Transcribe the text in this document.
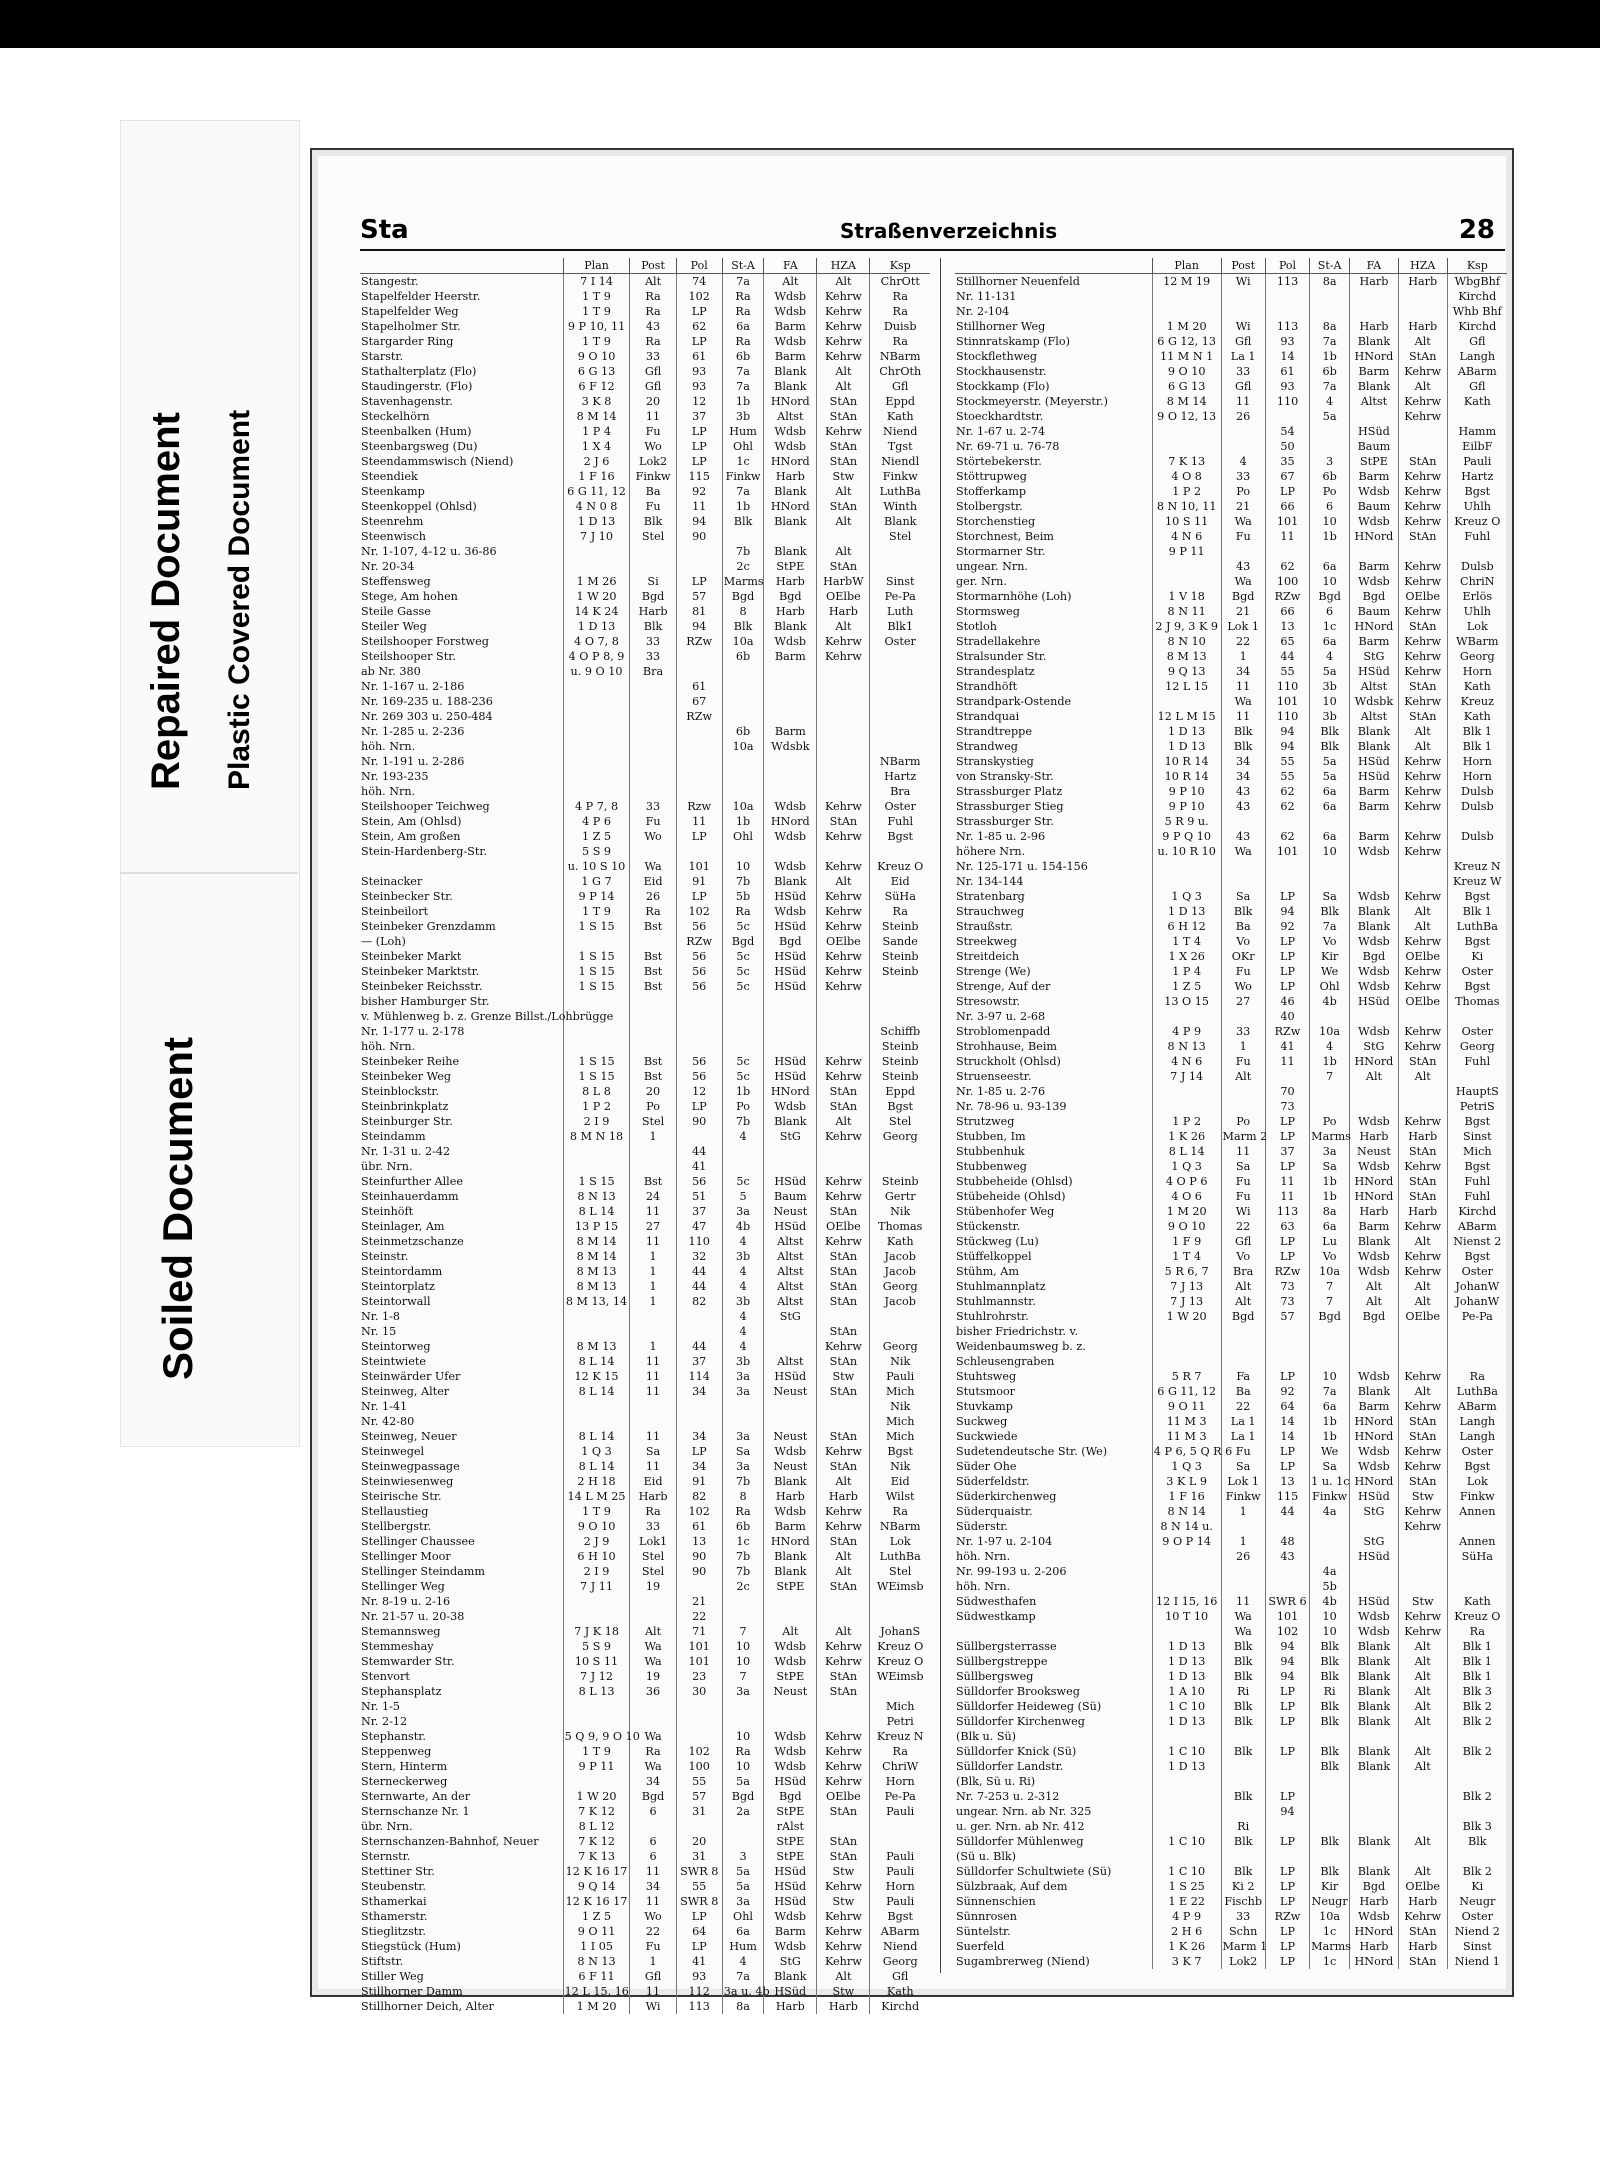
Repaired Document Plastic Covered Document
Soiled Document
Sta	Straßenverzeichnis	28
	Plan	Post	Pol	St-A	FA	HZA	Ksp
Stangestr.	7 I 14	Alt	74	7a	Alt	Alt	ChrOtt
Stapelfelder Heerstr.	1 T 9	Ra	102	Ra	Wdsb	Kehrw	Ra
Stapelfelder Weg	1 T 9	Ra	LP	Ra	Wdsb	Kehrw	Ra
Stapelholmer Str.	9 P 10, 11	43	62	6a	Barm	Kehrw	Duisb
Stargarder Ring	1 T 9	Ra	LP	Ra	Wdsb	Kehrw	Ra
Starstr.	9 O 10	33	61	6b	Barm	Kehrw	NBarm
Stathalterplatz (Flo)	6 G 13	Gfl	93	7a	Blank	Alt	ChrOth
Staudingerstr. (Flo)	6 F 12	Gfl	93	7a	Blank	Alt	Gfl
Stavenhagenstr.	3 K 8	20	12	1b	HNord	StAn	Eppd
Steckelhörn	8 M 14	11	37	3b	Altst	StAn	Kath
Steenbalken (Hum)	1 P 4	Fu	LP	Hum	Wdsb	Kehrw	Niend
Steenbargsweg (Du)	1 X 4	Wo	LP	Ohl	Wdsb	StAn	Tgst
Steendammswisch (Niend)	2 J 6	Lok2	LP	1c	HNord	StAn	Niendl
Steendiek	1 F 16	Finkw	115	Finkw	Harb	Stw	Finkw
Steenkamp	6 G 11, 12	Ba	92	7a	Blank	Alt	LuthBa
Steenkoppel (Ohlsd)	4 N 0 8	Fu	11	1b	HNord	StAn	Winth
Steenrehm	1 D 13	Blk	94	Blk	Blank	Alt	Blank
Steenwisch	7 J 10	Stel	90				Stel
Nr. 1-107, 4-12 u. 36-86				7b	Blank	Alt	
Nr. 20-34				2c	StPE	StAn	
Steffensweg	1 M 26	Si	LP	Marms	Harb	HarbW	Sinst
Stege, Am hohen	1 W 20	Bgd	57	Bgd	Bgd	OElbe	Pe-Pa
Steile Gasse	14 K 24	Harb	81	8	Harb	Harb	Luth
Steiler Weg	1 D 13	Blk	94	Blk	Blank	Alt	Blk1
Steilshooper Forstweg	4 O 7, 8	33	RZw	10a	Wdsb	Kehrw	Oster
Steilshooper Str.	4 O P 8, 9	33		6b	Barm	Kehrw	
ab Nr. 380	u. 9 O 10	Bra					
Nr. 1-167 u. 2-186			61				
Nr. 169-235 u. 188-236			67				
Nr. 269 303 u. 250-484			RZw				
Nr. 1-285 u. 2-236				6b	Barm		
höh. Nrn.				10a	Wdsbk		
Nr. 1-191 u. 2-286							NBarm
Nr. 193-235							Hartz
höh. Nrn.							Bra
Steilshooper Teichweg	4 P 7, 8	33	Rzw	10a	Wdsb	Kehrw	Oster
Stein, Am (Ohlsd)	4 P 6	Fu	11	1b	HNord	StAn	Fuhl
Stein, Am großen	1 Z 5	Wo	LP	Ohl	Wdsb	Kehrw	Bgst
Stein-Hardenberg-Str.	5 S 9						
	u. 10 S 10	Wa	101	10	Wdsb	Kehrw	Kreuz O
Steinacker	1 G 7	Eid	91	7b	Blank	Alt	Eid
Steinbecker Str.	9 P 14	26	LP	5b	HSüd	Kehrw	SüHa
Steinbeilort	1 T 9	Ra	102	Ra	Wdsb	Kehrw	Ra
Steinbeker Grenzdamm	1 S 15	Bst	56	5c	HSüd	Kehrw	Steinb
— (Loh)			RZw	Bgd	Bgd	OElbe	Sande
Steinbeker Markt	1 S 15	Bst	56	5c	HSüd	Kehrw	Steinb
Steinbeker Marktstr.	1 S 15	Bst	56	5c	HSüd	Kehrw	Steinb
Steinbeker Reichsstr.	1 S 15	Bst	56	5c	HSüd	Kehrw	
bisher Hamburger Str.							
v. Mühlenweg b. z. Grenze Billst./Lohbrügge							
Nr. 1-177 u. 2-178							Schiffb
höh. Nrn.							Steinb
Steinbeker Reihe	1 S 15	Bst	56	5c	HSüd	Kehrw	Steinb
Steinbeker Weg	1 S 15	Bst	56	5c	HSüd	Kehrw	Steinb
Steinblockstr.	8 L 8	20	12	1b	HNord	StAn	Eppd
Steinbrinkplatz	1 P 2	Po	LP	Po	Wdsb	StAn	Bgst
Steinburger Str.	2 I 9	Stel	90	7b	Blank	Alt	Stel
Steindamm	8 M N 18	1		4	StG	Kehrw	Georg
Nr. 1-31 u. 2-42			44				
übr. Nrn.			41				
Steinfurther Allee	1 S 15	Bst	56	5c	HSüd	Kehrw	Steinb
Steinhauerdamm	8 N 13	24	51	5	Baum	Kehrw	Gertr
Steinhöft	8 L 14	11	37	3a	Neust	StAn	Nik
Steinlager, Am	13 P 15	27	47	4b	HSüd	OElbe	Thomas
Steinmetzschanze	8 M 14	11	110	4	Altst	Kehrw	Kath
Steinstr.	8 M 14	1	32	3b	Altst	StAn	Jacob
Steintordamm	8 M 13	1	44	4	Altst	StAn	Jacob
Steintorplatz	8 M 13	1	44	4	Altst	StAn	Georg
Steintorwall	8 M 13, 14	1	82	3b	Altst	StAn	Jacob
Nr. 1-8				4	StG		
Nr. 15				4		StAn	
Steintorweg	8 M 13	1	44	4		Kehrw	Georg
Steintwiete	8 L 14	11	37	3b	Altst	StAn	Nik
Steinwärder Ufer	12 K 15	11	114	3a	HSüd	Stw	Pauli
Steinweg, Alter	8 L 14	11	34	3a	Neust	StAn	Mich
Nr. 1-41							Nik
Nr. 42-80							Mich
Steinweg, Neuer	8 L 14	11	34	3a	Neust	StAn	Mich
Steinwegel	1 Q 3	Sa	LP	Sa	Wdsb	Kehrw	Bgst
Steinwegpassage	8 L 14	11	34	3a	Neust	StAn	Nik
Steinwiesenweg	2 H 18	Eid	91	7b	Blank	Alt	Eid
Steirische Str.	14 L M 25	Harb	82	8	Harb	Harb	Wilst
Stellaustieg	1 T 9	Ra	102	Ra	Wdsb	Kehrw	Ra
Stellbergstr.	9 O 10	33	61	6b	Barm	Kehrw	NBarm
Stellinger Chaussee	2 J 9	Lok1	13	1c	HNord	StAn	Lok
Stellinger Moor	6 H 10	Stel	90	7b	Blank	Alt	LuthBa
Stellinger Steindamm	2 I 9	Stel	90	7b	Blank	Alt	Stel
Stellinger Weg	7 J 11	19		2c	StPE	StAn	WEimsb
Nr. 8-19 u. 2-16			21				
Nr. 21-57 u. 20-38			22				
Stemannsweg	7 J K 18	Alt	71	7	Alt	Alt	JohanS
Stemmeshay	5 S 9	Wa	101	10	Wdsb	Kehrw	Kreuz O
Stemwarder Str.	10 S 11	Wa	101	10	Wdsb	Kehrw	Kreuz O
Stenvort	7 J 12	19	23	7	StPE	StAn	WEimsb
Stephansplatz	8 L 13	36	30	3a	Neust	StAn	
Nr. 1-5							Mich
Nr. 2-12							Petri
Stephanstr.	5 Q 9, 9 O 10	Wa		10	Wdsb	Kehrw	Kreuz N
Steppenweg	1 T 9	Ra	102	Ra	Wdsb	Kehrw	Ra
Stern, Hinterm	9 P 11	Wa	100	10	Wdsb	Kehrw	ChriW
Sterneckerweg		34	55	5a	HSüd	Kehrw	Horn
Sternwarte, An der	1 W 20	Bgd	57	Bgd	Bgd	OElbe	Pe-Pa
Sternschanze Nr. 1	7 K 12	6	31	2a	StPE	StAn	Pauli
übr. Nrn.	8 L 12				rAlst		
Sternschanzen-Bahnhof, Neuer	7 K 12	6	20		StPE	StAn	
Sternstr.	7 K 13	6	31	3	StPE	StAn	Pauli
Stettiner Str.	12 K 16 17	11	SWR 8	5a	HSüd	Stw	Pauli
Steubenstr.	9 Q 14	34	55	5a	HSüd	Kehrw	Horn
Sthamerkai	12 K 16 17	11	SWR 8	3a	HSüd	Stw	Pauli
Sthamerstr.	1 Z 5	Wo	LP	Ohl	Wdsb	Kehrw	Bgst
Stieglitzstr.	9 O 11	22	64	6a	Barm	Kehrw	ABarm
Stiegstück (Hum)	1 I 05	Fu	LP	Hum	Wdsb	Kehrw	Niend
Stiftstr.	8 N 13	1	41	4	StG	Kehrw	Georg
Stiller Weg	6 F 11	Gfl	93	7a	Blank	Alt	Gfl
Stillhorner Damm	12 L 15, 16	11	112	3a u. 4b	HSüd	Stw	Kath
Stillhorner Deich, Alter	1 M 20	Wi	113	8a	Harb	Harb	Kirchd
	Plan	Post	Pol	St-A	FA	HZA	Ksp
Stillhorner Neuenfeld	12 M 19	Wi	113	8a	Harb	Harb	WbgBhf
Nr. 11-131							Kirchd
Nr. 2-104							Whb Bhf
Stillhorner Weg	1 M 20	Wi	113	8a	Harb	Harb	Kirchd
Stinnratskamp (Flo)	6 G 12, 13	Gfl	93	7a	Blank	Alt	Gfl
Stockflethweg	11 M N 1	La 1	14	1b	HNord	StAn	Langh
Stockhausenstr.	9 O 10	33	61	6b	Barm	Kehrw	ABarm
Stockkamp (Flo)	6 G 13	Gfl	93	7a	Blank	Alt	Gfl
Stockmeyerstr. (Meyerstr.)	8 M 14	11	110	4	Altst	Kehrw	Kath
Stoeckhardtstr.	9 O 12, 13	26		5a		Kehrw	
Nr. 1-67 u. 2-74			54		HSüd		Hamm
Nr. 69-71 u. 76-78			50		Baum		EilbF
Störtebekerstr.	7 K 13	4	35	3	StPE	StAn	Pauli
Stöttrupweg	4 O 8	33	67	6b	Barm	Kehrw	Hartz
Stofferkamp	1 P 2	Po	LP	Po	Wdsb	Kehrw	Bgst
Stolbergstr.	8 N 10, 11	21	66	6	Baum	Kehrw	Uhlh
Storchenstieg	10 S 11	Wa	101	10	Wdsb	Kehrw	Kreuz O
Storchnest, Beim	4 N 6	Fu	11	1b	HNord	StAn	Fuhl
Stormarner Str.	9 P 11						
ungear. Nrn.		43	62	6a	Barm	Kehrw	Dulsb
ger. Nrn.		Wa	100	10	Wdsb	Kehrw	ChriN
Stormarnhöhe (Loh)	1 V 18	Bgd	RZw	Bgd	Bgd	OElbe	Erlös
Stormsweg	8 N 11	21	66	6	Baum	Kehrw	Uhlh
Stotloh	2 J 9, 3 K 9	Lok 1	13	1c	HNord	StAn	Lok
Stradellakehre	8 N 10	22	65	6a	Barm	Kehrw	WBarm
Stralsunder Str.	8 M 13	1	44	4	StG	Kehrw	Georg
Strandesplatz	9 Q 13	34	55	5a	HSüd	Kehrw	Horn
Strandhöft	12 L 15	11	110	3b	Altst	StAn	Kath
Strandpark-Ostende		Wa	101	10	Wdsbk	Kehrw	Kreuz
Strandquai	12 L M 15	11	110	3b	Altst	StAn	Kath
Strandtreppe	1 D 13	Blk	94	Blk	Blank	Alt	Blk 1
Strandweg	1 D 13	Blk	94	Blk	Blank	Alt	Blk 1
Stranskystieg	10 R 14	34	55	5a	HSüd	Kehrw	Horn
von Stransky-Str.	10 R 14	34	55	5a	HSüd	Kehrw	Horn
Strassburger Platz	9 P 10	43	62	6a	Barm	Kehrw	Dulsb
Strassburger Stieg	9 P 10	43	62	6a	Barm	Kehrw	Dulsb
Strassburger Str.	5 R 9 u.						
Nr. 1-85 u. 2-96	9 P Q 10	43	62	6a	Barm	Kehrw	Dulsb
höhere Nrn.	u. 10 R 10	Wa	101	10	Wdsb	Kehrw	
Nr. 125-171 u. 154-156							Kreuz N
Nr. 134-144							Kreuz W
Stratenbarg	1 Q 3	Sa	LP	Sa	Wdsb	Kehrw	Bgst
Strauchweg	1 D 13	Blk	94	Blk	Blank	Alt	Blk 1
Straußstr.	6 H 12	Ba	92	7a	Blank	Alt	LuthBa
Streekweg	1 T 4	Vo	LP	Vo	Wdsb	Kehrw	Bgst
Streitdeich	1 X 26	OKr	LP	Kir	Bgd	OElbe	Ki
Strenge (We)	1 P 4	Fu	LP	We	Wdsb	Kehrw	Oster
Strenge, Auf der	1 Z 5	Wo	LP	Ohl	Wdsb	Kehrw	Bgst
Stresowstr.	13 O 15	27	46	4b	HSüd	OElbe	Thomas
Nr. 3-97 u. 2-68			40				
Stroblomenpadd	4 P 9	33	RZw	10a	Wdsb	Kehrw	Oster
Strohhause, Beim	8 N 13	1	41	4	StG	Kehrw	Georg
Struckholt (Ohlsd)	4 N 6	Fu	11	1b	HNord	StAn	Fuhl
Struenseestr.	7 J 14	Alt		7	Alt	Alt	
Nr. 1-85 u. 2-76			70				HauptS
Nr. 78-96 u. 93-139			73				PetriS
Strutzweg	1 P 2	Po	LP	Po	Wdsb	Kehrw	Bgst
Stubben, Im	1 K 26	Marm 2	LP	Marms	Harb	Harb	Sinst
Stubbenhuk	8 L 14	11	37	3a	Neust	StAn	Mich
Stubbenweg	1 Q 3	Sa	LP	Sa	Wdsb	Kehrw	Bgst
Stubbeheide (Ohlsd)	4 O P 6	Fu	11	1b	HNord	StAn	Fuhl
Stübeheide (Ohlsd)	4 O 6	Fu	11	1b	HNord	StAn	Fuhl
Stübenhofer Weg	1 M 20	Wi	113	8a	Harb	Harb	Kirchd
Stückenstr.	9 O 10	22	63	6a	Barm	Kehrw	ABarm
Stückweg (Lu)	1 F 9	Gfl	LP	Lu	Blank	Alt	Nienst 2
Stüffelkoppel	1 T 4	Vo	LP	Vo	Wdsb	Kehrw	Bgst
Stühm, Am	5 R 6, 7	Bra	RZw	10a	Wdsb	Kehrw	Oster
Stuhlmannplatz	7 J 13	Alt	73	7	Alt	Alt	JohanW
Stuhlmannstr.	7 J 13	Alt	73	7	Alt	Alt	JohanW
Stuhlrohrstr.	1 W 20	Bgd	57	Bgd	Bgd	OElbe	Pe-Pa
bisher Friedrichstr. v.							
Weidenbaumsweg b. z.							
Schleusengraben							
Stuhtsweg	5 R 7	Fa	LP	10	Wdsb	Kehrw	Ra
Stutsmoor	6 G 11, 12	Ba	92	7a	Blank	Alt	LuthBa
Stuvkamp	9 O 11	22	64	6a	Barm	Kehrw	ABarm
Suckweg	11 M 3	La 1	14	1b	HNord	StAn	Langh
Suckwiede	11 M 3	La 1	14	1b	HNord	StAn	Langh
Sudetendeutsche Str. (We)	4 P 6, 5 Q R 6	Fu	LP	We	Wdsb	Kehrw	Oster
Süder Ohe	1 Q 3	Sa	LP	Sa	Wdsb	Kehrw	Bgst
Süderfeldstr.	3 K L 9	Lok 1	13	1 u. 1c	HNord	StAn	Lok
Süderkirchenweg	1 F 16	Finkw	115	Finkw	HSüd	Stw	Finkw
Süderquaistr.	8 N 14	1	44	4a	StG	Kehrw	Annen
Süderstr.	8 N 14 u.					Kehrw	
Nr. 1-97 u. 2-104	9 O P 14	1	48		StG		Annen
höh. Nrn.		26	43		HSüd		SüHa
Nr. 99-193 u. 2-206				4a			
höh. Nrn.				5b			
Südwesthafen	12 I 15, 16	11	SWR 6	4b	HSüd	Stw	Kath
Südwestkamp	10 T 10	Wa	101	10	Wdsb	Kehrw	Kreuz O
		Wa	102	10	Wdsb	Kehrw	Ra
Süllbergsterrasse	1 D 13	Blk	94	Blk	Blank	Alt	Blk 1
Süllbergstreppe	1 D 13	Blk	94	Blk	Blank	Alt	Blk 1
Süllbergsweg	1 D 13	Blk	94	Blk	Blank	Alt	Blk 1
Sülldorfer Brooksweg	1 A 10	Ri	LP	Ri	Blank	Alt	Blk 3
Sülldorfer Heideweg (Sü)	1 C 10	Blk	LP	Blk	Blank	Alt	Blk 2
Sülldorfer Kirchenweg	1 D 13	Blk	LP	Blk	Blank	Alt	Blk 2
(Blk u. Sü)							
Sülldorfer Knick (Sü)	1 C 10	Blk	LP	Blk	Blank	Alt	Blk 2
Sülldorfer Landstr.	1 D 13			Blk	Blank	Alt	
(Blk, Sü u. Ri)							
Nr. 7-253 u. 2-312		Blk	LP				Blk 2
ungear. Nrn. ab Nr. 325			94				
u. ger. Nrn. ab Nr. 412		Ri					Blk 3
Sülldorfer Mühlenweg	1 C 10	Blk	LP	Blk	Blank	Alt	Blk
(Sü u. Blk)							
Sülldorfer Schultwiete (Sü)	1 C 10	Blk	LP	Blk	Blank	Alt	Blk 2
Sülzbraak, Auf dem	1 S 25	Ki 2	LP	Kir	Bgd	OElbe	Ki
Sünnenschien	1 E 22	Fischb	LP	Neugr	Harb	Harb	Neugr
Sünnrosen	4 P 9	33	RZw	10a	Wdsb	Kehrw	Oster
Süntelstr.	2 H 6	Schn	LP	1c	HNord	StAn	Niend 2
Suerfeld	1 K 26	Marm 1	LP	Marms	Harb	Harb	Sinst
Sugambrerweg (Niend)	3 K 7	Lok2	LP	1c	HNord	StAn	Niend 1
